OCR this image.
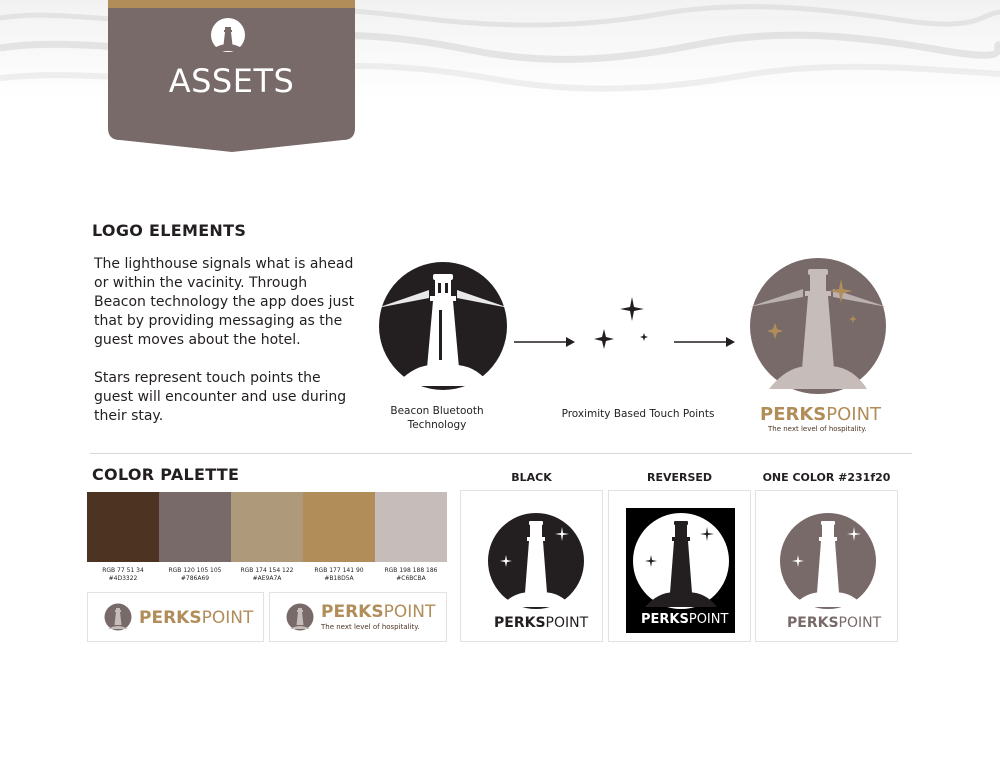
ASSETS
LOGO ELEMENTS
The lighthouse signals what is ahead or within the vacinity. Through Beacon technology the app does just that by providing messaging as the guest moves about the hotel.
Stars represent touch points the guest will encounter and use during their stay.	Beacon Bluetooth Technology
Proximity Based Touch Points	PERKSPOINT
The next level of hospitality.
COLOR PALETTE
RGB 77 51 34
#4D3322
RGB 120 105 105
#786A69
RGB 174 154 122
#AE9A7A
RGB 177 141 90
#B18D5A
RGB 198 188 186
#C6BCBA
PERKSPOINT	PERKSPOINT
The next level of hospitality.
BLACK	REVERSED	ONE COLOR #231f20
PERKSPOINT	PERKSPOINT	PERKSPOINT
